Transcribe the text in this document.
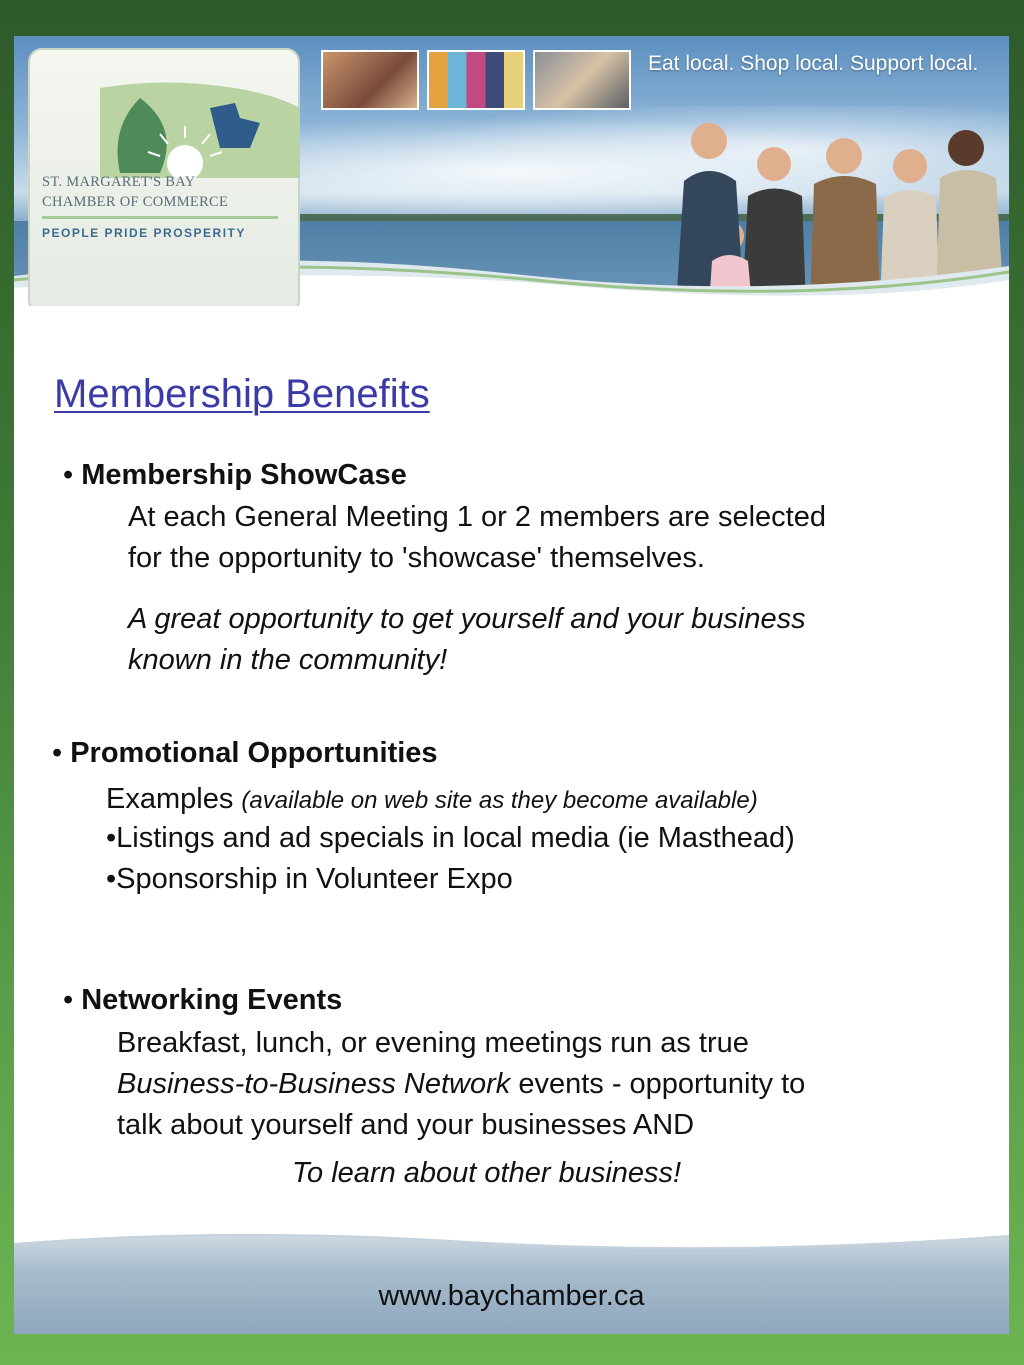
ST. MARGARET'S BAY
CHAMBER OF COMMERCE
PEOPLE PRIDE PROSPERITY
Eat local. Shop local. Support local.
Membership Benefits
• Membership ShowCase
At each General Meeting 1 or 2 members are selected
for the opportunity to 'showcase' themselves.
A great opportunity to get yourself and your business
known in the community!
• Promotional Opportunities
Examples (available on web site as they become available)
•Listings and ad specials in local media (ie Masthead)
•Sponsorship in Volunteer Expo
• Networking Events
Breakfast, lunch, or evening meetings run as true
Business-to-Business Network events - opportunity to
talk about yourself and your businesses AND
To learn about other business!
www.baychamber.ca
